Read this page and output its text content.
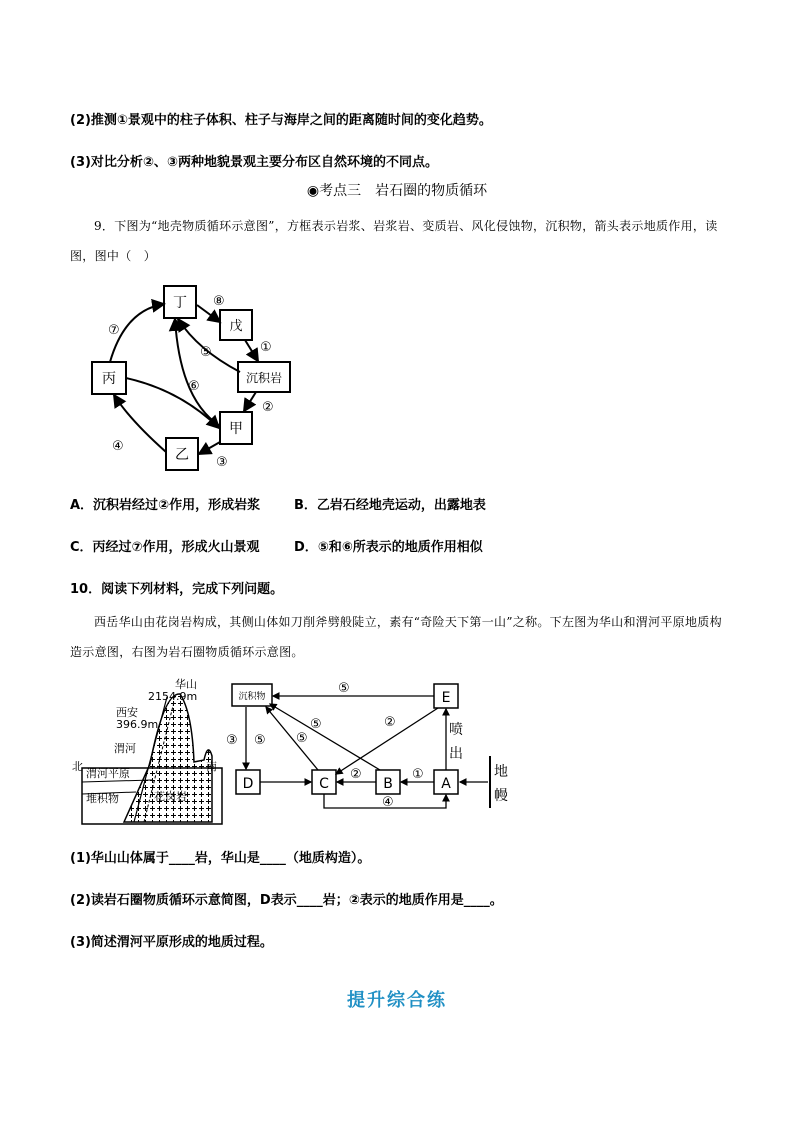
(2)推测①景观中的柱子体积、柱子与海岸之间的距离随时间的变化趋势。
(3)对比分析②、③两种地貌景观主要分布区自然环境的不同点。
◉考点三　岩石圈的物质循环
9．下图为“地壳物质循环示意图”，方框表示岩浆、岩浆岩、变质岩、风化侵蚀物，沉积物，箭头表示地质作用，读图，图中（　）
丁
戊
沉积岩
丙
甲
乙
⑧
①
②
③
④
⑤
⑥
⑦
A．沉积岩经过②作用，形成岩浆	B．乙岩石经地壳运动，出露地表
C．丙经过⑦作用，形成火山景观	D．⑤和⑥所表示的地质作用相似
10．阅读下列材料，完成下列问题。
西岳华山由花岗岩构成，其侧山体如刀削斧劈般陡立，素有“奇险天下第一山”之称。下左图为华山和渭河平原地质构造示意图，右图为岩石圈物质循环示意图。
华山
2154.9m
西安
396.9m
渭河
北	南
渭河平原
堆积物	花岗岩
沉积物	E
D	C	B	A
⑤
⑤	②
③ ⑤ ⑤
②	①
④
喷
出
地
幔
(1)华山山体属于____岩，华山是____（地质构造）。
(2)读岩石圈物质循环示意简图，D表示____岩；②表示的地质作用是____。
(3)简述渭河平原形成的地质过程。
提升综合练
